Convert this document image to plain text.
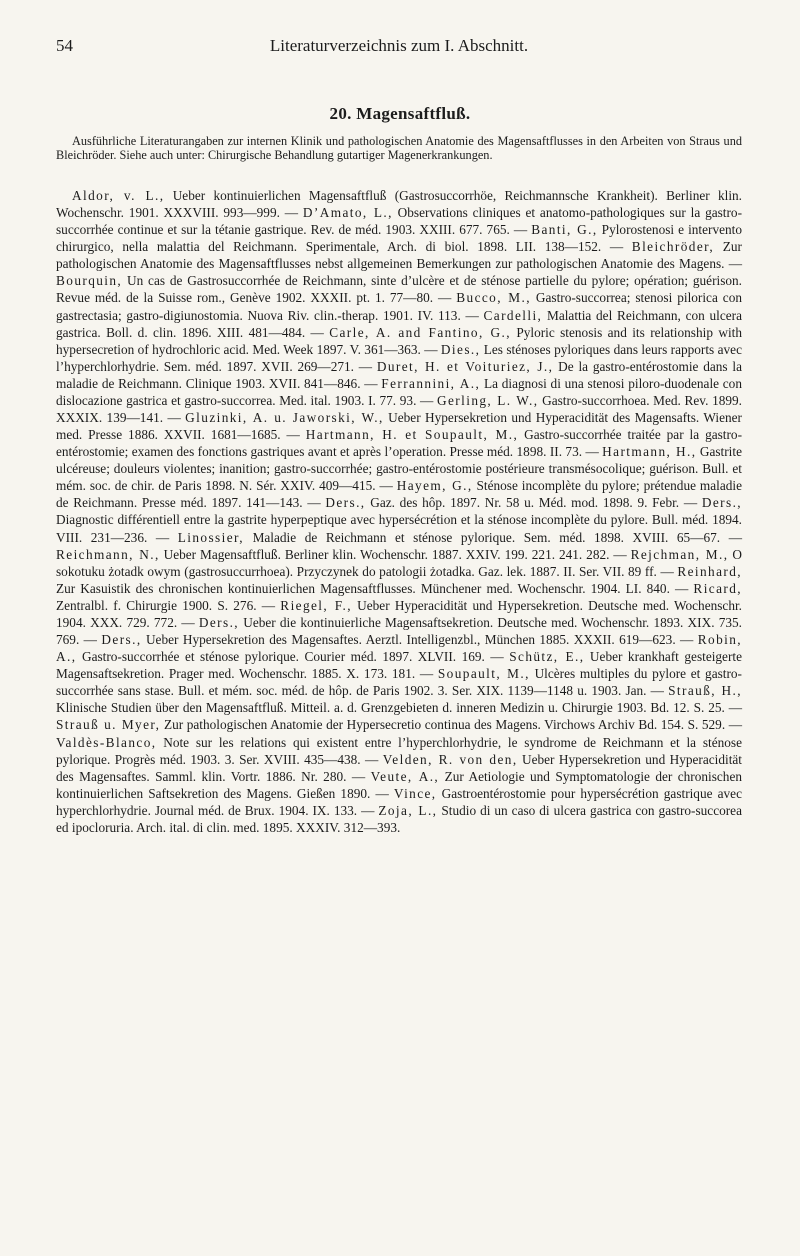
54	Literaturverzeichnis zum I. Abschnitt.
20. Magensaftfluß.

Ausführliche Literaturangaben zur internen Klinik und pathologischen Anatomie des Magensaftflusses in den Arbeiten von Straus und Bleichröder. Siehe auch unter: Chirurgische Behandlung gutartiger Magenerkrankungen.

Aldor, v. L., Ueber kontinuierlichen Magensaftfluß (Gastrosuccorrhöe, Reichmannsche Krankheit). Berliner klin. Wochenschr. 1901. XXXVIII. 993—999. — D’Amato, L., Observations cliniques et anatomo-pathologiques sur la gastro-succorrhée continue et sur la tétanie gastrique. Rev. de méd. 1903. XXIII. 677. 765. — Banti, G., Pylorostenosi e intervento chirurgico, nella malattia del Reichmann. Sperimentale, Arch. di biol. 1898. LII. 138—152. — Bleichröder, Zur pathologischen Anatomie des Magensaftflusses nebst allgemeinen Bemerkungen zur pathologischen Anatomie des Magens. — Bourquin, Un cas de Gastrosuccorrhée de Reichmann, sinte d’ulcère et de sténose partielle du pylore; opération; guérison. Revue méd. de la Suisse rom., Genève 1902. XXXII. pt. 1. 77—80. — Bucco, M., Gastro-succorrea; stenosi pilorica con gastrectasia; gastro-digiunostomia. Nuova Riv. clin.-therap. 1901. IV. 113. — Cardelli, Malattia del Reichmann, con ulcera gastrica. Boll. d. clin. 1896. XIII. 481—484. — Carle, A. and Fantino, G., Pyloric stenosis and its relationship with hypersecretion of hydrochloric acid. Med. Week 1897. V. 361—363. — Dies., Les sténoses pyloriques dans leurs rapports avec l’hyperchlorhydrie. Sem. méd. 1897. XVII. 269—271. — Duret, H. et Voituriez, J., De la gastro-entérostomie dans la maladie de Reichmann. Clinique 1903. XVII. 841—846. — Ferrannini, A., La diagnosi di una stenosi piloro-duodenale con dislocazione gastrica et gastro-succorrea. Med. ital. 1903. I. 77. 93. — Gerling, L. W., Gastro-succorrhoea. Med. Rev. 1899. XXXIX. 139—141. — Gluzinki, A. u. Jaworski, W., Ueber Hypersekretion und Hyperacidität des Magensafts. Wiener med. Presse 1886. XXVII. 1681—1685. — Hartmann, H. et Soupault, M., Gastro-succorrhée traitée par la gastro-entérostomie; examen des fonctions gastriques avant et après l’operation. Presse méd. 1898. II. 73. — Hartmann, H., Gastrite ulcéreuse; douleurs violentes; inanition; gastro-succorrhée; gastro-entérostomie postérieure transmésocolique; guérison. Bull. et mém. soc. de chir. de Paris 1898. N. Sér. XXIV. 409—415. — Hayem, G., Sténose incomplète du pylore; prétendue maladie de Reichmann. Presse méd. 1897. 141—143. — Ders., Gaz. des hôp. 1897. Nr. 58 u. Méd. mod. 1898. 9. Febr. — Ders., Diagnostic différentiell entre la gastrite hyperpeptique avec hypersécrétion et la sténose incomplète du pylore. Bull. méd. 1894. VIII. 231—236. — Linossier, Maladie de Reichmann et sténose pylorique. Sem. méd. 1898. XVIII. 65—67. — Reichmann, N., Ueber Magensaftfluß. Berliner klin. Wochenschr. 1887. XXIV. 199. 221. 241. 282. — Rejchman, M., O sokotuku żotadk owym (gastrosuccurrhoea). Przyczynek do patologii żotadka. Gaz. lek. 1887. II. Ser. VII. 89 ff. — Reinhard, Zur Kasuistik des chronischen kontinuierlichen Magensaftflusses. Münchener med. Wochenschr. 1904. LI. 840. — Ricard, Zentralbl. f. Chirurgie 1900. S. 276. — Riegel, F., Ueber Hyperacidität und Hypersekretion. Deutsche med. Wochenschr. 1904. XXX. 729. 772. — Ders., Ueber die kontinuierliche Magensaftsekretion. Deutsche med. Wochenschr. 1893. XIX. 735. 769. — Ders., Ueber Hypersekretion des Magensaftes. Aerztl. Intelligenzbl., München 1885. XXXII. 619—623. — Robin, A., Gastro-succorrhée et sténose pylorique. Courier méd. 1897. XLVII. 169. — Schütz, E., Ueber krankhaft gesteigerte Magensaftsekretion. Prager med. Wochenschr. 1885. X. 173. 181. — Soupault, M., Ulcères multiples du pylore et gastro-succorrhée sans stase. Bull. et mém. soc. méd. de hôp. de Paris 1902. 3. Ser. XIX. 1139—1148 u. 1903. Jan. — Strauß, H., Klinische Studien über den Magensaftfluß. Mitteil. a. d. Grenzgebieten d. inneren Medizin u. Chirurgie 1903. Bd. 12. S. 25. — Strauß u. Myer, Zur pathologischen Anatomie der Hypersecretio continua des Magens. Virchows Archiv Bd. 154. S. 529. — Valdès-Blanco, Note sur les relations qui existent entre l’hyperchlorhydrie, le syndrome de Reichmann et la sténose pylorique. Progrès méd. 1903. 3. Ser. XVIII. 435—438. — Velden, R. von den, Ueber Hypersekretion und Hyperacidität des Magensaftes. Samml. klin. Vortr. 1886. Nr. 280. — Veute, A., Zur Aetiologie und Symptomatologie der chronischen kontinuierlichen Saftsekretion des Magens. Gießen 1890. — Vince, Gastroentérostomie pour hypersécrétion gastrique avec hyperchlorhydrie. Journal méd. de Brux. 1904. IX. 133. — Zoja, L., Studio di un caso di ulcera gastrica con gastro-succorea ed ipocloruria. Arch. ital. di clin. med. 1895. XXXIV. 312—393.
